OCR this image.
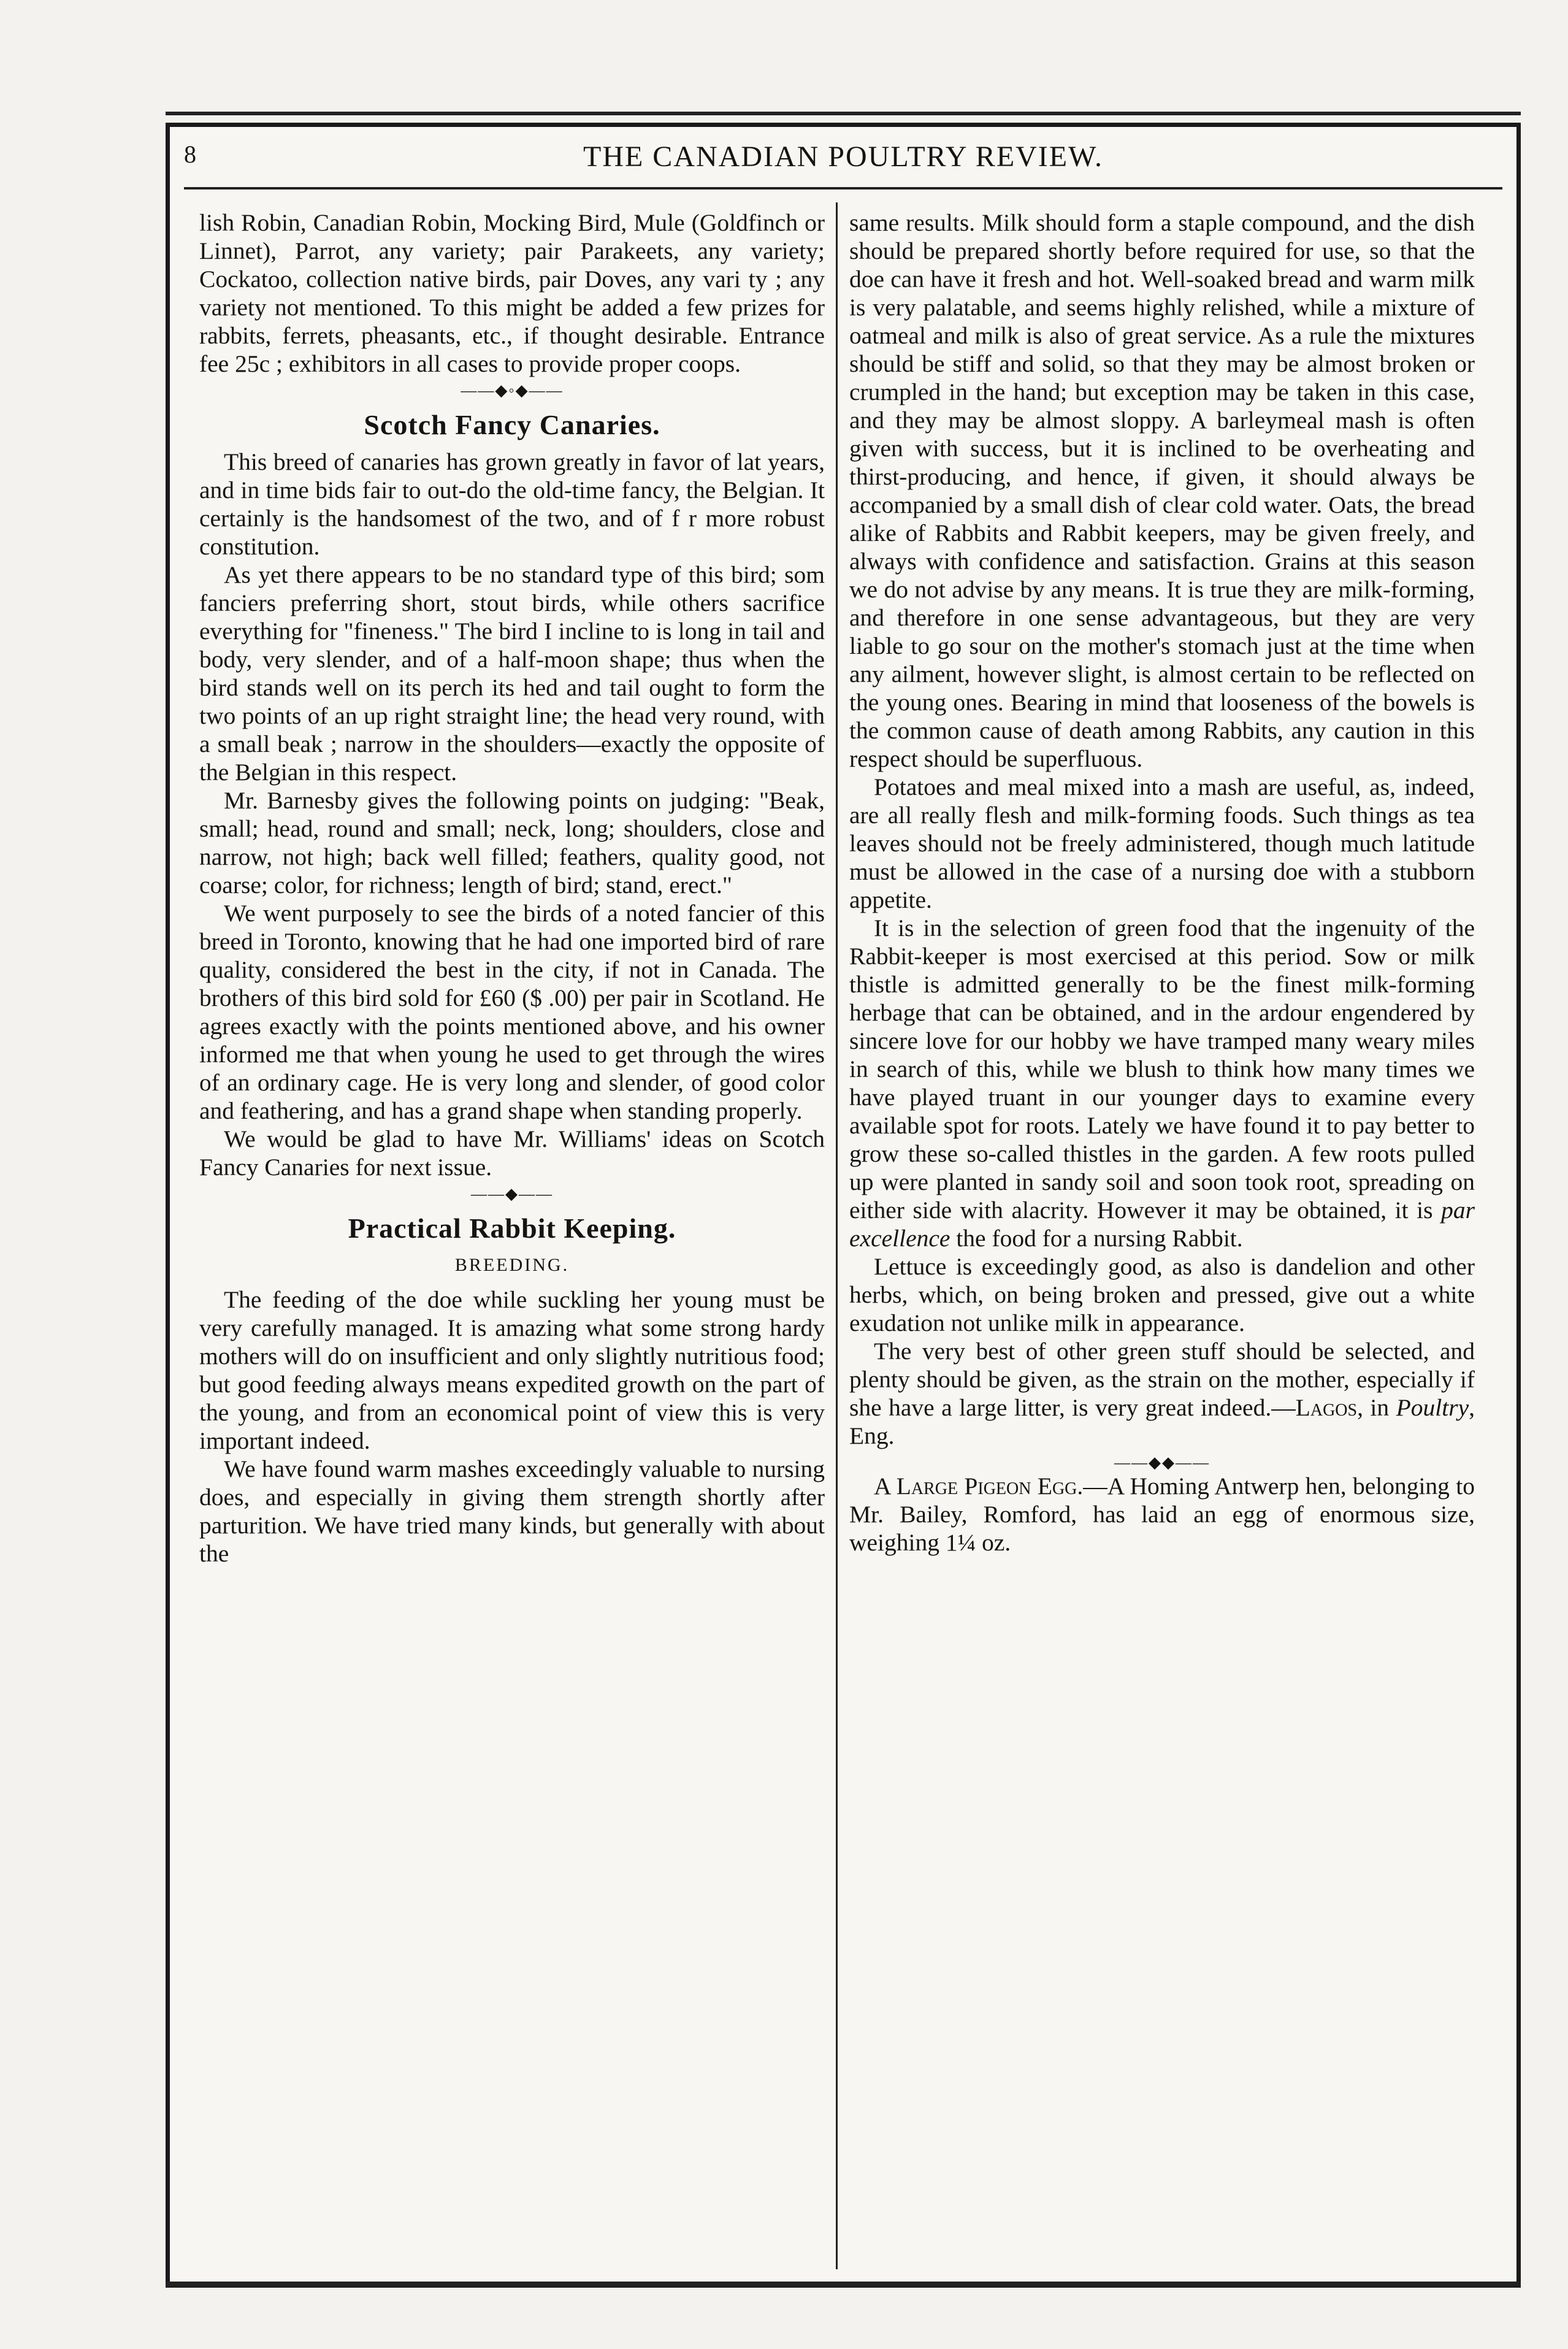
8	THE CANADIAN POULTRY REVIEW.

lish Robin, Canadian Robin, Mocking Bird, Mule (Goldfinch or Linnet), Parrot, any variety; pair Parakeets, any variety; Cockatoo, collection native birds, pair Doves, any vari ty ; any variety not mentioned. To this might be added a few prizes for rabbits, ferrets, pheasants, etc., if thought desirable. Entrance fee 25c ; exhibitors in all cases to provide proper coops.

——◆◦◆——
Scotch Fancy Canaries.

This breed of canaries has grown greatly in favor of lat years, and in time bids fair to out-do the old-time fancy, the Belgian. It certainly is the handsomest of the two, and of f r more robust constitution.

As yet there appears to be no standard type of this bird; som fanciers preferring short, stout birds, while others sacrifice everything for "fineness." The bird I incline to is long in tail and body, very slender, and of a half-moon shape; thus when the bird stands well on its perch its hed and tail ought to form the two points of an up right straight line; the head very round, with a small beak ; narrow in the shoulders—exactly the opposite of the Belgian in this respect.

Mr. Barnesby gives the following points on judging: "Beak, small; head, round and small; neck, long; shoulders, close and narrow, not high; back well filled; feathers, quality good, not coarse; color, for richness; length of bird; stand, erect."

We went purposely to see the birds of a noted fancier of this breed in Toronto, knowing that he had one imported bird of rare quality, considered the best in the city, if not in Canada. The brothers of this bird sold for £60 ($ .00) per pair in Scotland. He agrees exactly with the points mentioned above, and his owner informed me that when young he used to get through the wires of an ordinary cage. He is very long and slender, of good color and feathering, and has a grand shape when standing properly.

We would be glad to have Mr. Williams' ideas on Scotch Fancy Canaries for next issue.

——◆——
Practical Rabbit Keeping.
BREEDING.

The feeding of the doe while suckling her young must be very carefully managed. It is amazing what some strong hardy mothers will do on insufficient and only slightly nutritious food; but good feeding always means expedited growth on the part of the young, and from an economical point of view this is very important indeed.

We have found warm mashes exceedingly valuable to nursing does, and especially in giving them strength shortly after parturition. We have tried many kinds, but generally with about the

same results. Milk should form a staple compound, and the dish should be prepared shortly before required for use, so that the doe can have it fresh and hot. Well-soaked bread and warm milk is very palatable, and seems highly relished, while a mixture of oatmeal and milk is also of great service. As a rule the mixtures should be stiff and solid, so that they may be almost broken or crumpled in the hand; but exception may be taken in this case, and they may be almost sloppy. A barleymeal mash is often given with success, but it is inclined to be overheating and thirst-producing, and hence, if given, it should always be accompanied by a small dish of clear cold water. Oats, the bread alike of Rabbits and Rabbit keepers, may be given freely, and always with confidence and satisfaction. Grains at this season we do not advise by any means. It is true they are milk-forming, and therefore in one sense advantageous, but they are very liable to go sour on the mother's stomach just at the time when any ailment, however slight, is almost certain to be reflected on the young ones. Bearing in mind that looseness of the bowels is the common cause of death among Rabbits, any caution in this respect should be superfluous.

Potatoes and meal mixed into a mash are useful, as, indeed, are all really flesh and milk-forming foods. Such things as tea leaves should not be freely administered, though much latitude must be allowed in the case of a nursing doe with a stubborn appetite.

It is in the selection of green food that the ingenuity of the Rabbit-keeper is most exercised at this period. Sow or milk thistle is admitted generally to be the finest milk-forming herbage that can be obtained, and in the ardour engendered by sincere love for our hobby we have tramped many weary miles in search of this, while we blush to think how many times we have played truant in our younger days to examine every available spot for roots. Lately we have found it to pay better to grow these so-called thistles in the garden. A few roots pulled up were planted in sandy soil and soon took root, spreading on either side with alacrity. However it may be obtained, it is par excellence the food for a nursing Rabbit.

Lettuce is exceedingly good, as also is dandelion and other herbs, which, on being broken and pressed, give out a white exudation not unlike milk in appearance.

The very best of other green stuff should be selected, and plenty should be given, as the strain on the mother, especially if she have a large litter, is very great indeed.—Lagos, in Poultry, Eng.

——◆◆——

A Large Pigeon Egg.—A Homing Antwerp hen, belonging to Mr. Bailey, Romford, has laid an egg of enormous size, weighing 1¼ oz.
